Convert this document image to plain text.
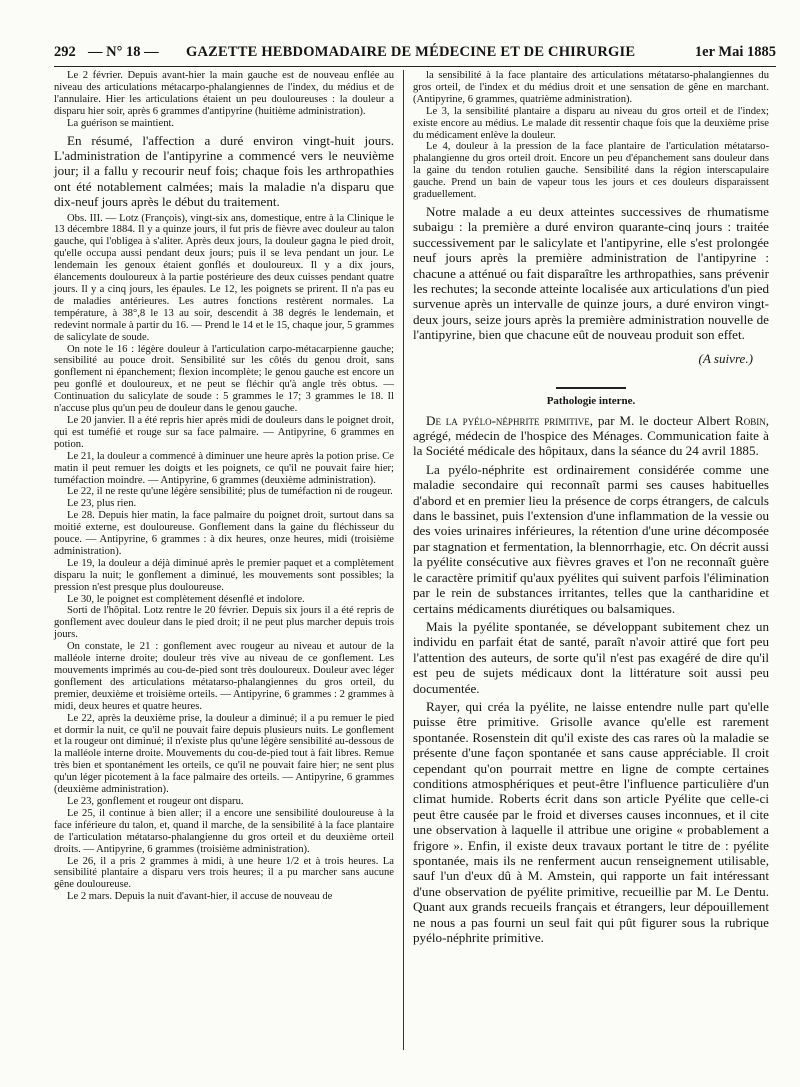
292 — N° 18 — GAZETTE HEBDOMADAIRE DE MÉDECINE ET DE CHIRURGIE	1er Mai 1885

Le 2 février. Depuis avant-hier la main gauche est de nouveau enflée au niveau des articulations métacarpo-phalangiennes de l'index, du médius et de l'annulaire. Hier les articulations étaient un peu douloureuses : la douleur a disparu hier soir, après 6 grammes d'antipyrine (huitième administration).

La guérison se maintient.

En résumé, l'affection a duré environ vingt-huit jours. L'administration de l'antipyrine a commencé vers le neuvième jour; il a fallu y recourir neuf fois; chaque fois les arthropathies ont été notablement calmées; mais la maladie n'a disparu que dix-neuf jours après le début du traitement.

Obs. III. — Lotz (François), vingt-six ans, domestique, entre à la Clinique le 13 décembre 1884. Il y a quinze jours, il fut pris de fièvre avec douleur au talon gauche, qui l'obligea à s'aliter. Après deux jours, la douleur gagna le pied droit, qu'elle occupa aussi pendant deux jours; puis il se leva pendant un jour. Le lendemain les genoux étaient gonflés et douloureux. Il y a dix jours, élancements douloureux à la partie postérieure des deux cuisses pendant quatre jours. Il y a cinq jours, les épaules. Le 12, les poignets se prirent. Il n'a pas eu de maladies antérieures. Les autres fonctions restèrent normales. La température, à 38°,8 le 13 au soir, descendit à 38 degrés le lendemain, et redevint normale à partir du 16. — Prend le 14 et le 15, chaque jour, 5 grammes de salicylate de soude.

On note le 16 : légère douleur à l'articulation carpo-métacarpienne gauche; sensibilité au pouce droit. Sensibilité sur les côtés du genou droit, sans gonflement ni épanchement; flexion incomplète; le genou gauche est encore un peu gonflé et douloureux, et ne peut se fléchir qu'à angle très obtus. — Continuation du salicylate de soude : 5 grammes le 17; 3 grammes le 18. Il n'accuse plus qu'un peu de douleur dans le genou gauche.

Le 20 janvier. Il a été repris hier après midi de douleurs dans le poignet droit, qui est tuméfié et rouge sur sa face palmaire. — Antipyrine, 6 grammes en potion.

Le 21, la douleur a commencé à diminuer une heure après la potion prise. Ce matin il peut remuer les doigts et les poignets, ce qu'il ne pouvait faire hier; tuméfaction moindre. — Antipyrine, 6 grammes (deuxième administration).

Le 22, il ne reste qu'une légère sensibilité; plus de tuméfaction ni de rougeur.

Le 23, plus rien.

Le 28. Depuis hier matin, la face palmaire du poignet droit, surtout dans sa moitié externe, est douloureuse. Gonflement dans la gaine du fléchisseur du pouce. — Antipyrine, 6 grammes : à dix heures, onze heures, midi (troisième administration).

Le 19, la douleur a déjà diminué après le premier paquet et a complètement disparu la nuit; le gonflement a diminué, les mouvements sont possibles; la pression n'est presque plus douloureuse.

Le 30, le poignet est complètement désenflé et indolore.

Sorti de l'hôpital. Lotz rentre le 20 février. Depuis six jours il a été repris de gonflement avec douleur dans le pied droit; il ne peut plus marcher depuis trois jours.

On constate, le 21 : gonflement avec rougeur au niveau et autour de la malléole interne droite; douleur très vive au niveau de ce gonflement. Les mouvements imprimés au cou-de-pied sont très douloureux. Douleur avec léger gonflement des articulations métatarso-phalangiennes du gros orteil, du premier, deuxième et troisième orteils. — Antipyrine, 6 grammes : 2 grammes à midi, deux heures et quatre heures.

Le 22, après la deuxième prise, la douleur a diminué; il a pu remuer le pied et dormir la nuit, ce qu'il ne pouvait faire depuis plusieurs nuits. Le gonflement et la rougeur ont diminué; il n'existe plus qu'une légère sensibilité au-dessous de la malléole interne droite. Mouvements du cou-de-pied tout à fait libres. Remue très bien et spontanément les orteils, ce qu'il ne pouvait faire hier; ne sent plus qu'un léger picotement à la face palmaire des orteils. — Antipyrine, 6 grammes (deuxième administration).

Le 23, gonflement et rougeur ont disparu.

Le 25, il continue à bien aller; il a encore une sensibilité douloureuse à la face inférieure du talon, et, quand il marche, de la sensibilité à la face plantaire de l'articulation métatarso-phalangienne du gros orteil et du deuxième orteil droits. — Antipyrine, 6 grammes (troisième administration).

Le 26, il a pris 2 grammes à midi, à une heure 1/2 et à trois heures. La sensibilité plantaire a disparu vers trois heures; il a pu marcher sans aucune gêne douloureuse.

Le 2 mars. Depuis la nuit d'avant-hier, il accuse de nouveau de

la sensibilité à la face plantaire des articulations métatarso-phalangiennes du gros orteil, de l'index et du médius droit et une sensation de gêne en marchant. (Antipyrine, 6 grammes, quatrième administration).

Le 3, la sensibilité plantaire a disparu au niveau du gros orteil et de l'index; existe encore au médius. Le malade dit ressentir chaque fois que la deuxième prise du médicament enlève la douleur.

Le 4, douleur à la pression de la face plantaire de l'articulation métatarso-phalangienne du gros orteil droit. Encore un peu d'épanchement sans douleur dans la gaine du tendon rotulien gauche. Sensibilité dans la région interscapulaire gauche. Prend un bain de vapeur tous les jours et ces douleurs disparaissent graduellement.

Notre malade a eu deux atteintes successives de rhumatisme subaigu : la première a duré environ quarante-cinq jours : traitée successivement par le salicylate et l'antipyrine, elle s'est prolongée neuf jours après la première administration de l'antipyrine : chacune a atténué ou fait disparaître les arthropathies, sans prévenir les rechutes; la seconde atteinte localisée aux articulations d'un pied survenue après un intervalle de quinze jours, a duré environ vingt-deux jours, seize jours après la première administration nouvelle de l'antipyrine, bien que chacune eût de nouveau produit son effet.

(A suivre.)
Pathologie interne.

De la pyélo-néphrite primitive, par M. le docteur Albert Robin, agrégé, médecin de l'hospice des Ménages. Communication faite à la Société médicale des hôpitaux, dans la séance du 24 avril 1885.

La pyélo-néphrite est ordinairement considérée comme une maladie secondaire qui reconnaît parmi ses causes habituelles d'abord et en premier lieu la présence de corps étrangers, de calculs dans le bassinet, puis l'extension d'une inflammation de la vessie ou des voies urinaires inférieures, la rétention d'une urine décomposée par stagnation et fermentation, la blennorrhagie, etc. On décrit aussi la pyélite consécutive aux fièvres graves et l'on ne reconnaît guère le caractère primitif qu'aux pyélites qui suivent parfois l'élimination par le rein de substances irritantes, telles que la cantharidine et certains médicaments diurétiques ou balsamiques.

Mais la pyélite spontanée, se développant subitement chez un individu en parfait état de santé, paraît n'avoir attiré que fort peu l'attention des auteurs, de sorte qu'il n'est pas exagéré de dire qu'il est peu de sujets médicaux dont la littérature soit aussi peu documentée.

Rayer, qui créa la pyélite, ne laisse entendre nulle part qu'elle puisse être primitive. Grisolle avance qu'elle est rarement spontanée. Rosenstein dit qu'il existe des cas rares où la maladie se présente d'une façon spontanée et sans cause appréciable. Il croit cependant qu'on pourrait mettre en ligne de compte certaines conditions atmosphériques et peut-être l'influence particulière d'un climat humide. Roberts écrit dans son article Pyélite que celle-ci peut être causée par le froid et diverses causes inconnues, et il cite une observation à laquelle il attribue une origine « probablement a frigore ». Enfin, il existe deux travaux portant le titre de : pyélite spontanée, mais ils ne renferment aucun renseignement utilisable, sauf l'un d'eux dû à M. Amstein, qui rapporte un fait intéressant d'une observation de pyélite primitive, recueillie par M. Le Dentu. Quant aux grands recueils français et étrangers, leur dépouillement ne nous a pas fourni un seul fait qui pût figurer sous la rubrique pyélo-néphrite primitive.
